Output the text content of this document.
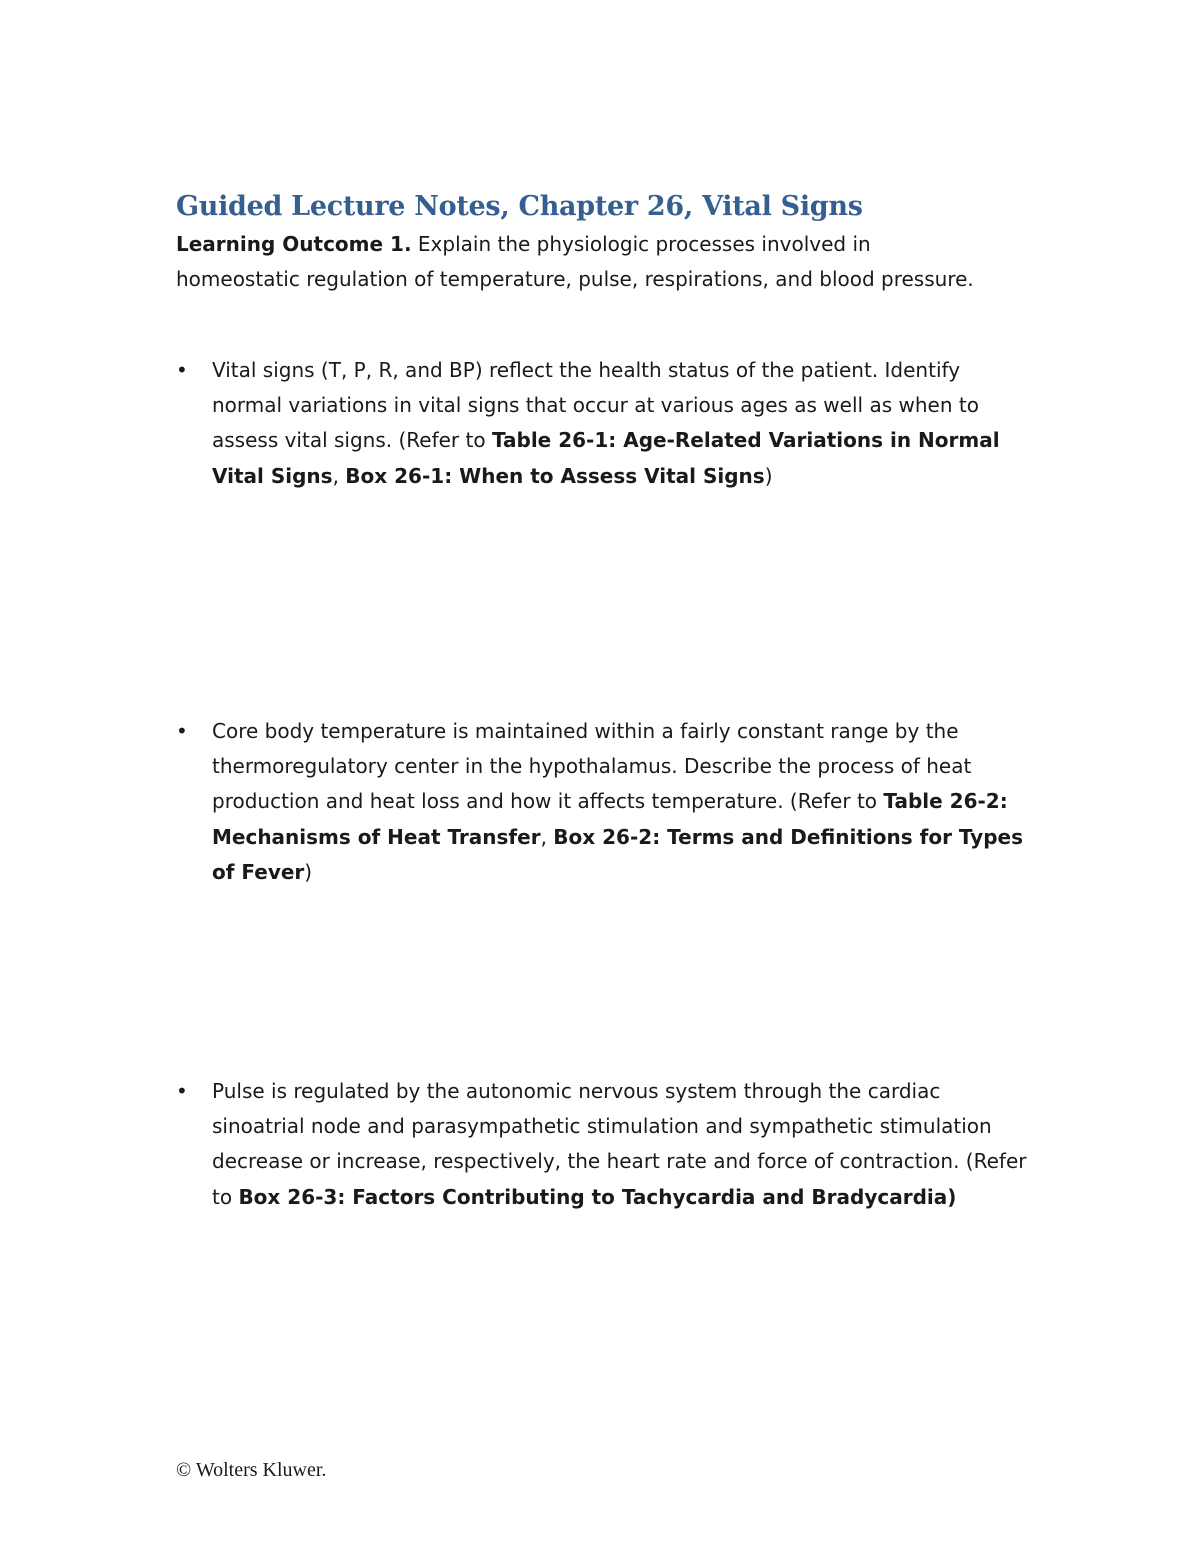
Guided Lecture Notes, Chapter 26, Vital Signs

Learning Outcome 1. Explain the physiologic processes involved in homeostatic regulation of temperature, pulse, respirations, and blood pressure.

•	Vital signs (T, P, R, and BP) reflect the health status of the patient. Identify normal variations in vital signs that occur at various ages as well as when to assess vital signs. (Refer to Table 26-1: Age-Related Variations in Normal Vital Signs, Box 26-1: When to Assess Vital Signs)

•	Core body temperature is maintained within a fairly constant range by the thermoregulatory center in the hypothalamus. Describe the process of heat production and heat loss and how it affects temperature. (Refer to Table 26-2: Mechanisms of Heat Transfer, Box 26-2: Terms and Definitions for Types of Fever)

•	Pulse is regulated by the autonomic nervous system through the cardiac sinoatrial node and parasympathetic stimulation and sympathetic stimulation decrease or increase, respectively, the heart rate and force of contraction. (Refer to Box 26-3: Factors Contributing to Tachycardia and Bradycardia)

© Wolters Kluwer.
